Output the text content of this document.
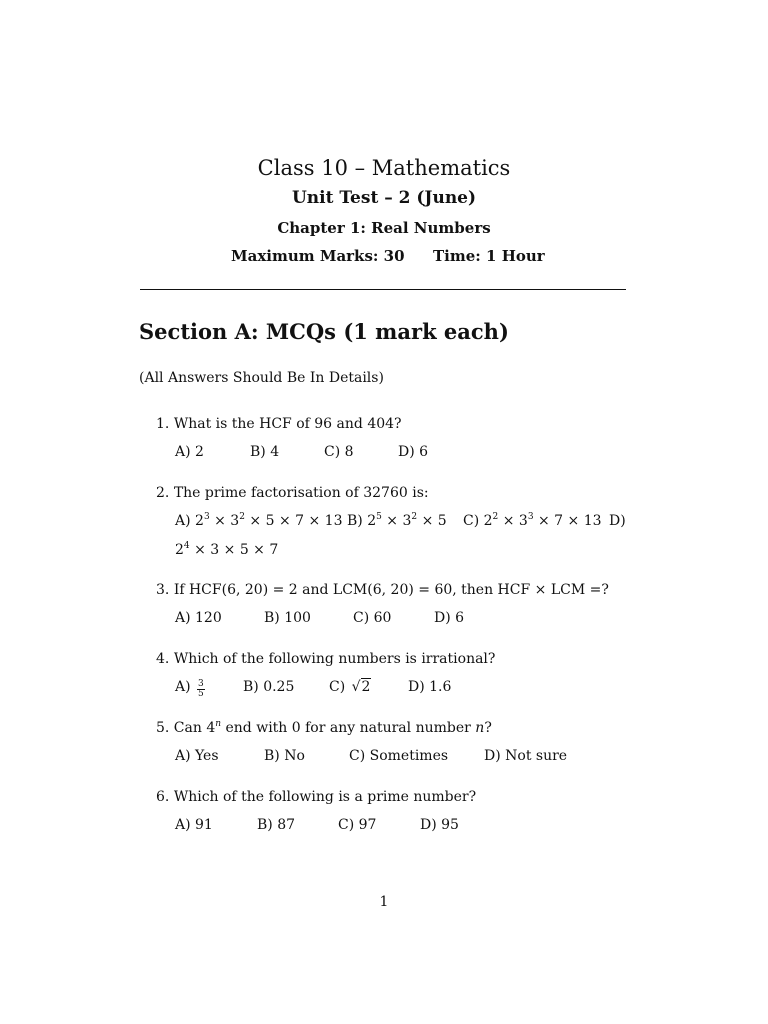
Class 10 – Mathematics
Unit Test – 2 (June)
Chapter 1: Real Numbers
Maximum Marks: 30 Time: 1 Hour
Section A: MCQs (1 mark each)
(All Answers Should Be In Details)
1. What is the HCF of 96 and 404?
A) 2	B) 4	C) 8	D) 6
2. The prime factorisation of 32760 is:
A) $2^3 \times 3^2 \times 5 \times 7 \times 13$ B) $2^5 \times 3^2 \times 5$ C) $2^2 \times 3^3 \times 7 \times 13$ D)
$2^4 \times 3 \times 5 \times 7$
3. If HCF(6, 20) = 2 and LCM(6, 20) = 60, then HCF × LCM =?
A) 120	B) 100	C) 60	D) 6
4. Which of the following numbers is irrational?
$A) \frac{3}{5}$	B) 0.25 C) √2	D) 1.6
5. Can 4$^n$ end with 0 for any natural number n?
A) Yes	B) No	C) Sometimes	D) Not sure
6. Which of the following is a prime number?
A) 91	B) 87	C) 97	D) 95
1
